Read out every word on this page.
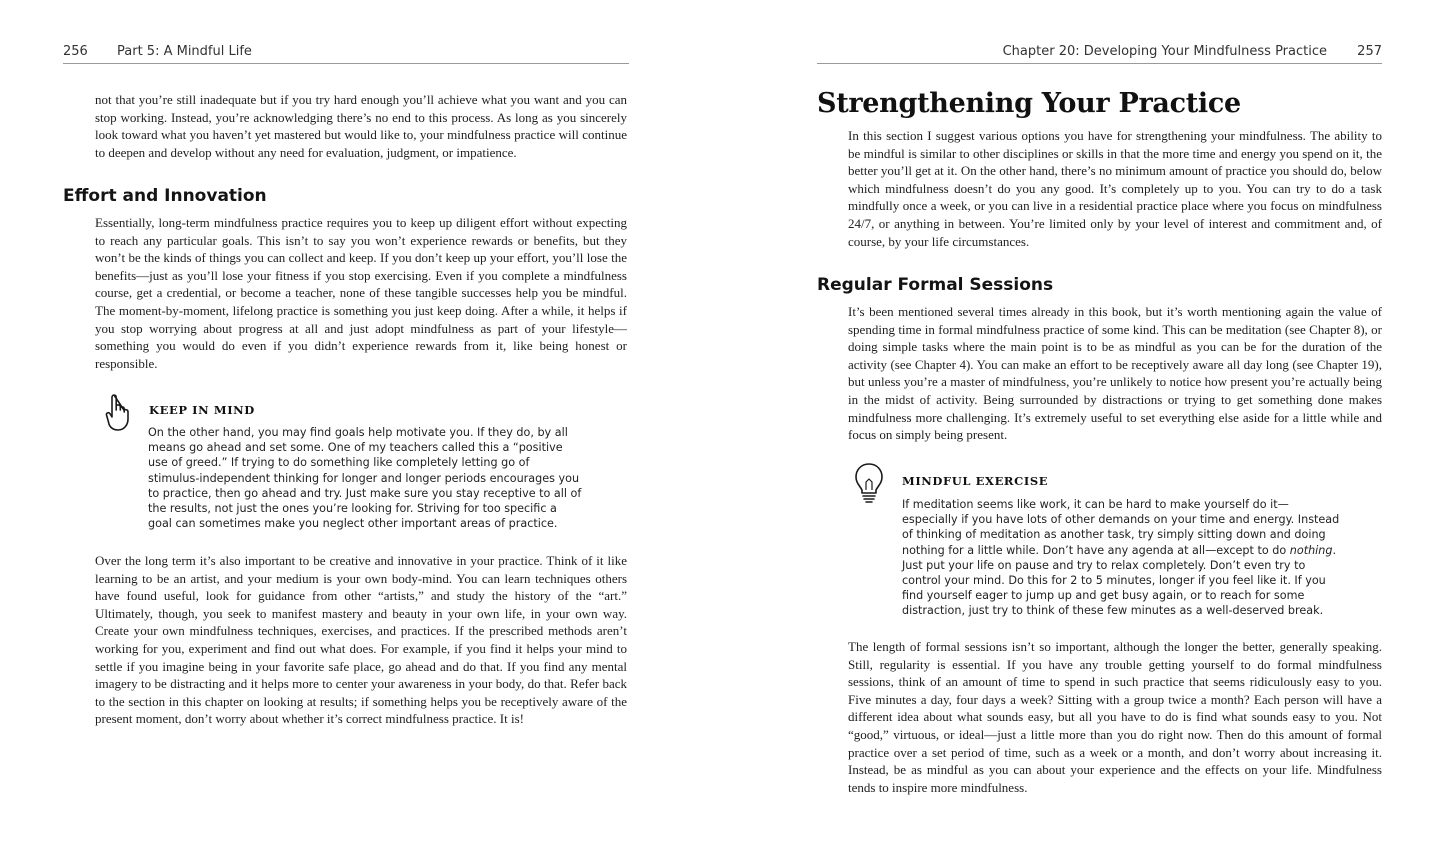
256 Part 5: A Mindful Life

not that you’re still inadequate but if you try hard enough you’ll achieve what you want and you can stop working. Instead, you’re acknowledging there’s no end to this process. As long as you sincerely look toward what you haven’t yet mastered but would like to, your mindfulness practice will continue to deepen and develop without any need for evaluation, judgment, or impatience.

Effort and Innovation

Essentially, long-term mindfulness practice requires you to keep up diligent effort without expecting to reach any particular goals. This isn’t to say you won’t experience rewards or benefits, but they won’t be the kinds of things you can collect and keep. If you don’t keep up your effort, you’ll lose the benefits—just as you’ll lose your fitness if you stop exercising. Even if you complete a mindfulness course, get a credential, or become a teacher, none of these tangible successes help you be mindful. The moment-by-moment, lifelong practice is something you just keep doing. After a while, it helps if you stop worrying about progress at all and just adopt mindfulness as part of your lifestyle—something you would do even if you didn’t experience rewards from it, like being honest or responsible.

KEEP IN MIND

On the other hand, you may find goals help motivate you. If they do, by all means go ahead and set some. One of my teachers called this a “positive use of greed.” If trying to do something like completely letting go of stimulus-independent thinking for longer and longer periods encourages you to practice, then go ahead and try. Just make sure you stay receptive to all of the results, not just the ones you’re looking for. Striving for too specific a goal can sometimes make you neglect other important areas of practice.

Over the long term it’s also important to be creative and innovative in your practice. Think of it like learning to be an artist, and your medium is your own body-mind. You can learn techniques others have found useful, look for guidance from other “artists,” and study the history of the “art.” Ultimately, though, you seek to manifest mastery and beauty in your own life, in your own way. Create your own mindfulness techniques, exercises, and practices. If the prescribed methods aren’t working for you, experiment and find out what does. For example, if you find it helps your mind to settle if you imagine being in your favorite safe place, go ahead and do that. If you find any mental imagery to be distracting and it helps more to center your awareness in your body, do that. Refer back to the section in this chapter on looking at results; if something helps you be receptively aware of the present moment, don’t worry about whether it’s correct mindfulness practice. It is!

Chapter 20: Developing Your Mindfulness Practice 257
Strengthening Your Practice

In this section I suggest various options you have for strengthening your mindfulness. The ability to be mindful is similar to other disciplines or skills in that the more time and energy you spend on it, the better you’ll get at it. On the other hand, there’s no minimum amount of practice you should do, below which mindfulness doesn’t do you any good. It’s completely up to you. You can try to do a task mindfully once a week, or you can live in a residential practice place where you focus on mindfulness 24/7, or anything in between. You’re limited only by your level of interest and commitment and, of course, by your life circumstances.

Regular Formal Sessions

It’s been mentioned several times already in this book, but it’s worth mentioning again the value of spending time in formal mindfulness practice of some kind. This can be meditation (see Chapter 8), or doing simple tasks where the main point is to be as mindful as you can be for the duration of the activity (see Chapter 4). You can make an effort to be receptively aware all day long (see Chapter 19), but unless you’re a master of mindfulness, you’re unlikely to notice how present you’re actually being in the midst of activity. Being surrounded by distractions or trying to get something done makes mindfulness more challenging. It’s extremely useful to set everything else aside for a little while and focus on simply being present.

MINDFUL EXERCISE

If meditation seems like work, it can be hard to make yourself do it—especially if you have lots of other demands on your time and energy. Instead of thinking of meditation as another task, try simply sitting down and doing nothing for a little while. Don’t have any agenda at all—except to do nothing. Just put your life on pause and try to relax completely. Don’t even try to control your mind. Do this for 2 to 5 minutes, longer if you feel like it. If you find yourself eager to jump up and get busy again, or to reach for some distraction, just try to think of these few minutes as a well-deserved break.

The length of formal sessions isn’t so important, although the longer the better, generally speaking. Still, regularity is essential. If you have any trouble getting yourself to do formal mindfulness sessions, think of an amount of time to spend in such practice that seems ridiculously easy to you. Five minutes a day, four days a week? Sitting with a group twice a month? Each person will have a different idea about what sounds easy, but all you have to do is find what sounds easy to you. Not “good,” virtuous, or ideal—just a little more than you do right now. Then do this amount of formal practice over a set period of time, such as a week or a month, and don’t worry about increasing it. Instead, be as mindful as you can about your experience and the effects on your life. Mindfulness tends to inspire more mindfulness.
